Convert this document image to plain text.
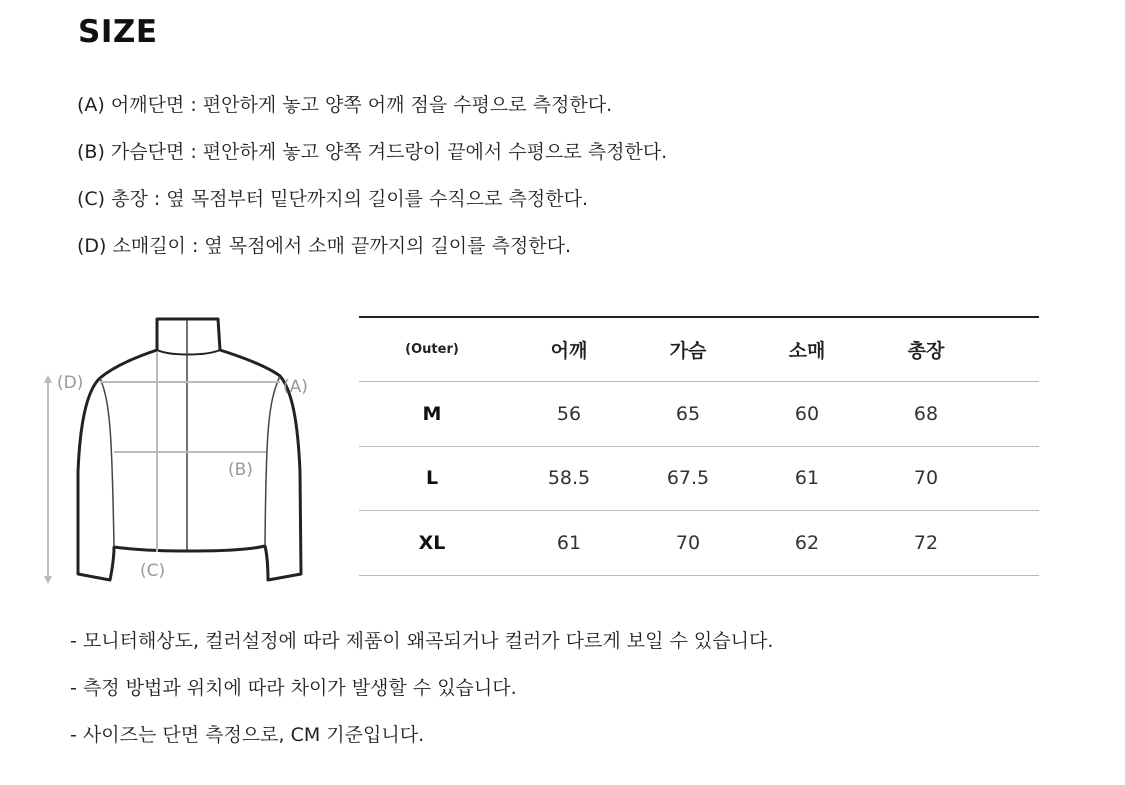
SIZE
(A) 어깨단면 : 편안하게 놓고 양쪽 어깨 점을 수평으로 측정한다.
(B) 가슴단면 : 편안하게 놓고 양쪽 겨드랑이 끝에서 수평으로 측정한다.
(C) 총장 : 옆 목점부터 밑단까지의 길이를 수직으로 측정한다.
(D) 소매길이 : 옆 목점에서 소매 끝까지의 길이를 측정한다.
(D)	(A)
(B)
(C)
(Outer)	어깨	가슴	소매	총장	
M	56	65	60	68	
L	58.5	67.5	61	70	
XL	61	70	62	72	
- 모니터해상도, 컬러설정에 따라 제품이 왜곡되거나 컬러가 다르게 보일 수 있습니다.
- 측정 방법과 위치에 따라 차이가 발생할 수 있습니다.
- 사이즈는 단면 측정으로, CM 기준입니다.
